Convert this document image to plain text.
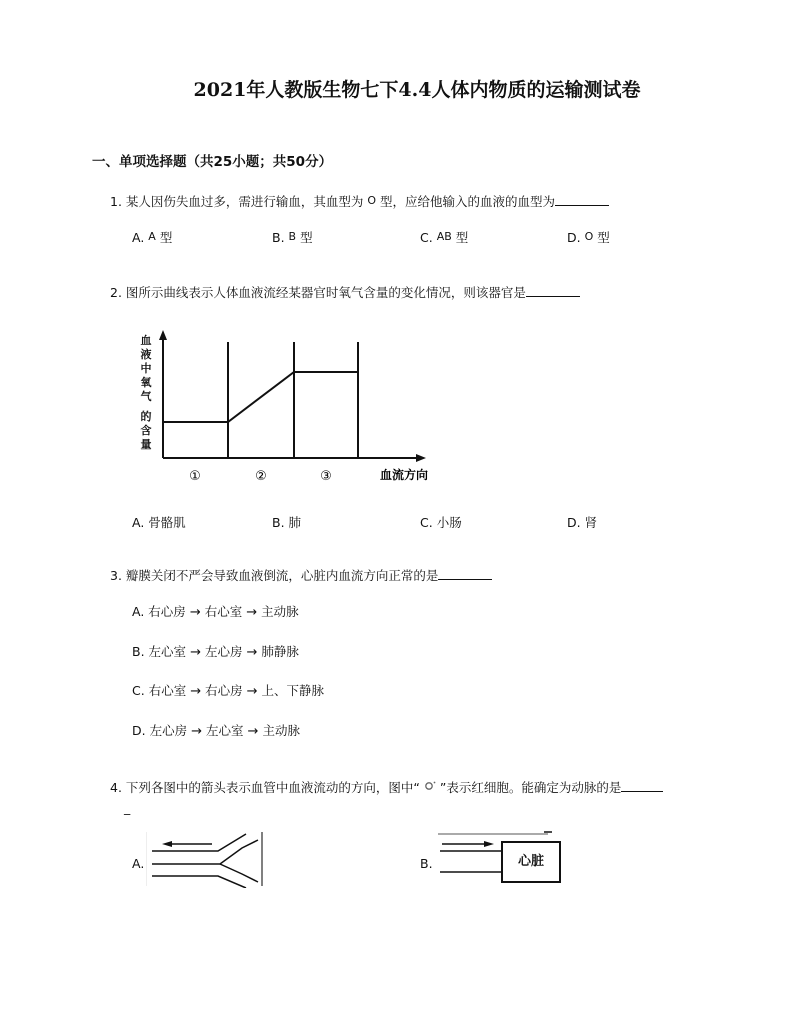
2021年人教版生物七下4.4人体内物质的运输测试卷
一、单项选择题（共25小题；共50分）
1. 某人因伤失血过多，需进行输血，其血型为 O 型，应给他输入的血液的血型为
A. A 型	B. B 型	C. AB 型	D. O 型
2. 图所示曲线表示人体血液流经某器官时氧气含量的变化情况，则该器官是
血
液
中
氧
气
的
含
量
①	②	③	血流方向
A. 骨骼肌	B. 肺	C. 小肠	D. 肾
3. 瓣膜关闭不严会导致血液倒流，心脏内血流方向正常的是
A. 右心房 → 右心室 → 主动脉
B. 左心室 → 左心房 → 肺静脉
C. 右心室 → 右心房 → 上、下静脉
D. 左心房 → 左心室 → 主动脉
4. 下列各图中的箭头表示血管中血液流动的方向，图中“ ”表示红细胞。能确定为动脉的是
_
A.	B.	心脏
